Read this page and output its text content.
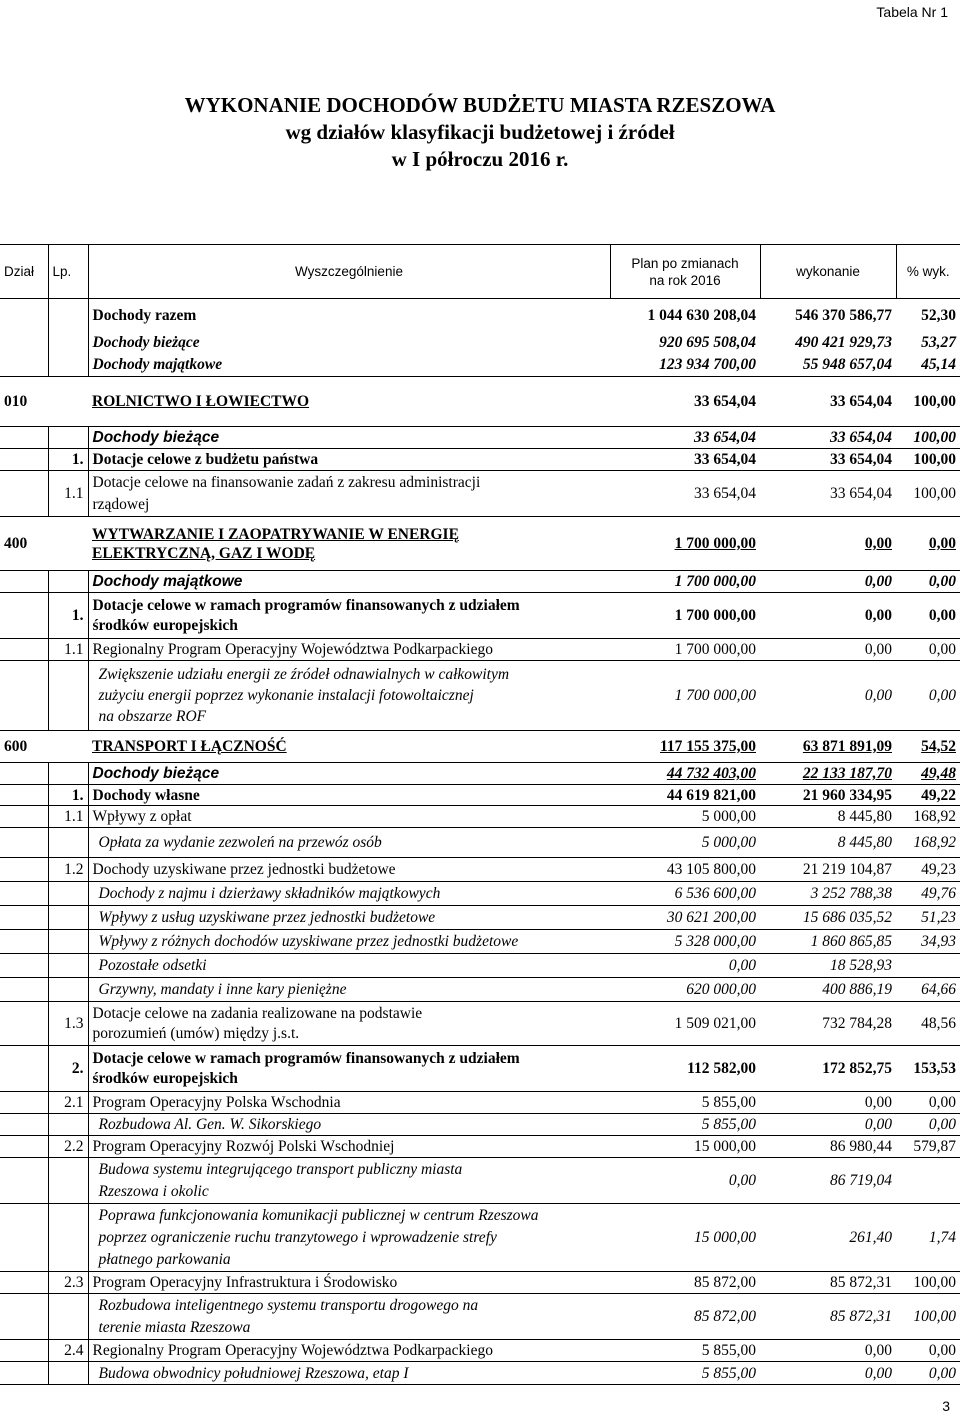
Tabela Nr 1
WYKONANIE DOCHODÓW BUDŻETU MIASTA RZESZOWA
wg działów klasyfikacji budżetowej i źródeł
w I półroczu 2016 r.
Dział	Lp.	Wyszczególnienie	Plan po zmianach
na rok 2016	wykonanie	% wyk.
		Dochody razem	1 044 630 208,04	546 370 586,77	52,30
		Dochody bieżące	920 695 508,04	490 421 929,73	53,27
		Dochody majątkowe	123 934 700,00	55 948 657,04	45,14
010		ROLNICTWO I ŁOWIECTWO	33 654,04	33 654,04	100,00
		Dochody bieżące	33 654,04	33 654,04	100,00
	1.	Dotacje celowe z budżetu państwa	33 654,04	33 654,04	100,00
	1.1	Dotacje celowe na finansowanie zadań z zakresu administracji
rządowej	33 654,04	33 654,04	100,00
400		WYTWARZANIE I ZAOPATRYWANIE W ENERGIĘ
ELEKTRYCZNĄ, GAZ I WODĘ	1 700 000,00	0,00	0,00
		Dochody majątkowe	1 700 000,00	0,00	0,00
	1.	Dotacje celowe w ramach programów finansowanych z udziałem
środków europejskich	1 700 000,00	0,00	0,00
	1.1	Regionalny Program Operacyjny Województwa Podkarpackiego	1 700 000,00	0,00	0,00

		Zwiększenie udziału energii ze źródeł odnawialnych w całkowitym
zużyciu energii poprzez wykonanie instalacji fotowoltaicznej
na obszarze ROF	1 700 000,00	0,00	0,00
600		TRANSPORT I ŁĄCZNOŚĆ	117 155 375,00	63 871 891,09	54,52
		Dochody bieżące	44 732 403,00	22 133 187,70	49,48
	1.	Dochody własne	44 619 821,00	21 960 334,95	49,22
	1.1	Wpływy z opłat	5 000,00	8 445,80	168,92
		Opłata za wydanie zezwoleń na przewóz osób	5 000,00	8 445,80	168,92
	1.2	Dochody uzyskiwane przez jednostki budżetowe	43 105 800,00	21 219 104,87	49,23
		Dochody z najmu i dzierżawy składników majątkowych	6 536 600,00	3 252 788,38	49,76
		Wpływy z usług uzyskiwane przez jednostki budżetowe	30 621 200,00	15 686 035,52	51,23
		Wpływy z różnych dochodów uzyskiwane przez jednostki budżetowe	5 328 000,00	1 860 865,85	34,93
		Pozostałe odsetki	0,00	18 528,93	
		Grzywny, mandaty i inne kary pieniężne	620 000,00	400 886,19	64,66
	1.3	Dotacje celowe na zadania realizowane na podstawie
porozumień (umów) między j.s.t.	1 509 021,00	732 784,28	48,56
	2.	Dotacje celowe w ramach programów finansowanych z udziałem
środków europejskich	112 582,00	172 852,75	153,53
	2.1	Program Operacyjny Polska Wschodnia	5 855,00	0,00	0,00
		Rozbudowa Al. Gen. W. Sikorskiego	5 855,00	0,00	0,00
	2.2	Program Operacyjny Rozwój Polski Wschodniej	15 000,00	86 980,44	579,87

		Budowa systemu integrującego transport publiczny miasta
Rzeszowa i okolic	0,00	86 719,04	

		Poprawa funkcjonowania komunikacji publicznej w centrum Rzeszowa
poprzez ograniczenie ruchu tranzytowego i wprowadzenie strefy
płatnego parkowania	15 000,00	261,40	1,74
	2.3	Program Operacyjny Infrastruktura i Środowisko	85 872,00	85 872,31	100,00

		Rozbudowa inteligentnego systemu transportu drogowego na
terenie miasta Rzeszowa	85 872,00	85 872,31	100,00
	2.4	Regionalny Program Operacyjny Województwa Podkarpackiego	5 855,00	0,00	0,00
		Budowa obwodnicy południowej Rzeszowa, etap I	5 855,00	0,00	0,00
3
